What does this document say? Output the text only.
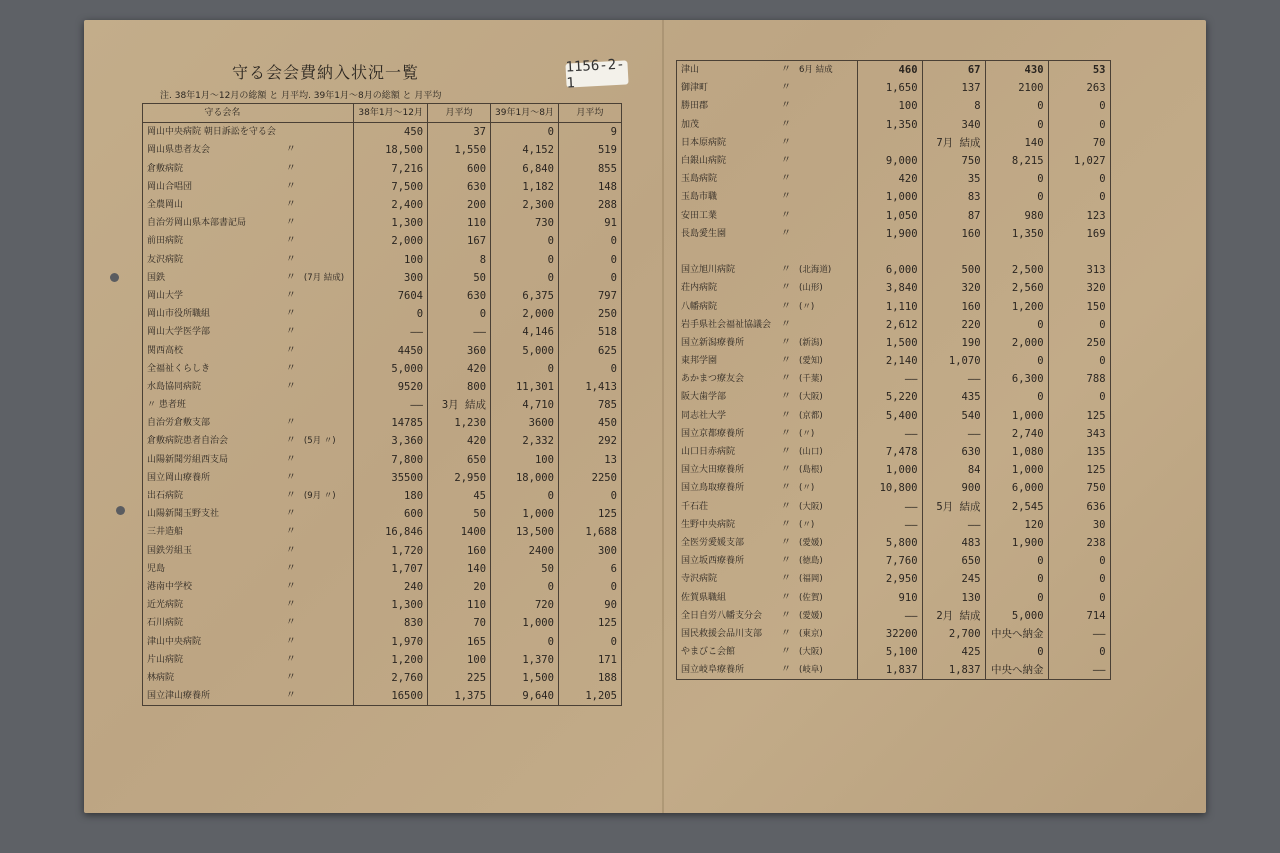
守る会会費納入状況一覧
注. 38年1月～12月の総額 と 月平均. 39年1月～8月の総額 と 月平均
1156-2-1
守る会名			38年1月～12月	月平均	39年1月～8月	月平均
岡山中央病院 朝日訴訟を守る会			450	37	0	9
岡山県患者友会	〃		18,500	1,550	4,152	519
倉敷病院	〃		7,216	600	6,840	855
岡山合唱団	〃		7,500	630	1,182	148
全農岡山	〃		2,400	200	2,300	288
自治労岡山県本部書記局	〃		1,300	110	730	91
前田病院	〃		2,000	167	0	0
友沢病院	〃		100	8	0	0
国鉄	〃	(7月 結成)	300	50	0	0
岡山大学	〃		7604	630	6,375	797
岡山市役所職組	〃		0	0	2,000	250
岡山大学医学部	〃		——	——	4,146	518
関西高校	〃		4450	360	5,000	625
全福祉くらしき	〃		5,000	420	0	0
水島協同病院	〃		9520	800	11,301	1,413
〃 患者班			——	3月 結成	4,710	785
自治労倉敷支部	〃		14785	1,230	3600	450
倉敷病院患者自治会	〃	(5月 〃)	3,360	420	2,332	292
山陽新聞労組西支局	〃		7,800	650	100	13
国立岡山療養所	〃		35500	2,950	18,000	2250
出石病院	〃	(9月 〃)	180	45	0	0
山陽新聞玉野支社	〃		600	50	1,000	125
三井造船	〃		16,846	1400	13,500	1,688
国鉄労組玉	〃		1,720	160	2400	300
児島	〃		1,707	140	50	6
港南中学校	〃		240	20	0	0
近光病院	〃		1,300	110	720	90
石川病院	〃		830	70	1,000	125
津山中央病院	〃		1,970	165	0	0
片山病院	〃		1,200	100	1,370	171
林病院	〃		2,760	225	1,500	188
国立津山療養所	〃		16500	1,375	9,640	1,205
津山	〃	6月 結成	460	67	430	53
御津町	〃		1,650	137	2100	263
勝田郡	〃		100	8	0	0
加茂	〃		1,350	340	0	0
日本原病院	〃			7月 結成	140	70
白銀山病院	〃		9,000	750	8,215	1,027
玉島病院	〃		420	35	0	0
玉島市職	〃		1,000	83	0	0
安田工業	〃		1,050	87	980	123
長島愛生園	〃		1,900	160	1,350	169

国立旭川病院	〃	(北海道)	6,000	500	2,500	313
荘内病院	〃	(山形)	3,840	320	2,560	320
八幡病院	〃	(〃)	1,110	160	1,200	150
岩手県社会福祉協議会	〃		2,612	220	0	0
国立新潟療養所	〃	(新潟)	1,500	190	2,000	250
東邦学園	〃	(愛知)	2,140	1,070	0	0
あかまつ療友会	〃	(千葉)	——	——	6,300	788
阪大歯学部	〃	(大阪)	5,220	435	0	0
同志社大学	〃	(京都)	5,400	540	1,000	125
国立京都療養所	〃	(〃)	——	——	2,740	343
山口日赤病院	〃	(山口)	7,478	630	1,080	135
国立大田療養所	〃	(島根)	1,000	84	1,000	125
国立鳥取療養所	〃	(〃)	10,800	900	6,000	750
千石荘	〃	(大阪)	——	5月 結成	2,545	636
生野中央病院	〃	(〃)	——	——	120	30
全医労愛媛支部	〃	(愛媛)	5,800	483	1,900	238
国立坂西療養所	〃	(徳島)	7,760	650	0	0
寺沢病院	〃	(福岡)	2,950	245	0	0
佐賀県職組	〃	(佐賀)	910	130	0	0
全日自労八幡支分会	〃	(愛媛)	——	2月 結成	5,000	714
国民救援会品川支部	〃	(東京)	32200	2,700	中央へ納金	——
やまびこ会館	〃	(大阪)	5,100	425	0	0
国立岐阜療養所	〃	(岐阜)	1,837	1,837	中央へ納金	——
